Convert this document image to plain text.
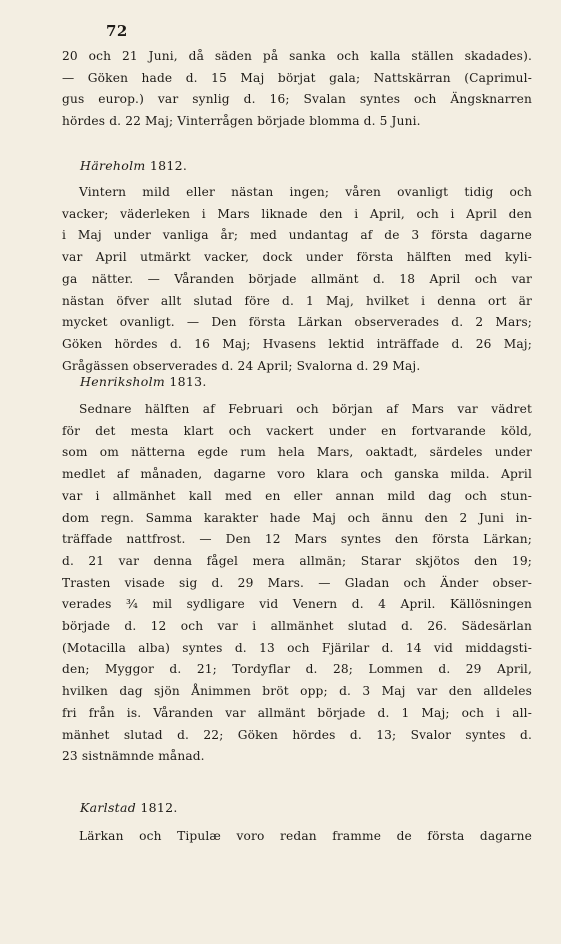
72
20 och 21 Juni, då säden på sanka och kalla ställen skadades).
— Göken hade d. 15 Maj börjat gala; Nattskärran (Caprimul-
gus europ.) var synlig d. 16; Svalan syntes och Ängsknarren
hördes d. 22 Maj; Vinterrågen började blomma d. 5 Juni.
Häreholm 1812.
Vintern mild eller nästan ingen; våren ovanligt tidig och
vacker; väderleken i Mars liknade den i April, och i April den
i Maj under vanliga år; med undantag af de 3 första dagarne
var April utmärkt vacker, dock under första hälften med kyli-
ga nätter. — Våranden började allmänt d. 18 April och var
nästan öfver allt slutad före d. 1 Maj, hvilket i denna ort är
mycket ovanligt. — Den första Lärkan observerades d. 2 Mars;
Göken hördes d. 16 Maj; Hvasens lektid inträffade d. 26 Maj;
Grågässen observerades d. 24 April; Svalorna d. 29 Maj.
Henriksholm 1813.
Sednare hälften af Februari och början af Mars var vädret
för det mesta klart och vackert under en fortvarande köld,
som om nätterna egde rum hela Mars, oaktadt, särdeles under
medlet af månaden, dagarne voro klara och ganska milda. April
var i allmänhet kall med en eller annan mild dag och stun-
dom regn. Samma karakter hade Maj och ännu den 2 Juni in-
träffade nattfrost. — Den 12 Mars syntes den första Lärkan;
d. 21 var denna fågel mera allmän; Starar skjötos den 19;
Trasten visade sig d. 29 Mars. — Gladan och Änder obser-
verades ¾ mil sydligare vid Venern d. 4 April. Källösningen
började d. 12 och var i allmänhet slutad d. 26. Sädesärlan
(Motacilla alba) syntes d. 13 och Fjärilar d. 14 vid middagsti-
den; Myggor d. 21; Tordyflar d. 28; Lommen d. 29 April,
hvilken dag sjön Ånimmen bröt opp; d. 3 Maj var den alldeles
fri från is. Våranden var allmänt började d. 1 Maj; och i all-
mänhet slutad d. 22; Göken hördes d. 13; Svalor syntes d.
23 sistnämnde månad.
Karlstad 1812.
Lärkan och Tipulæ voro redan framme de första dagarne
